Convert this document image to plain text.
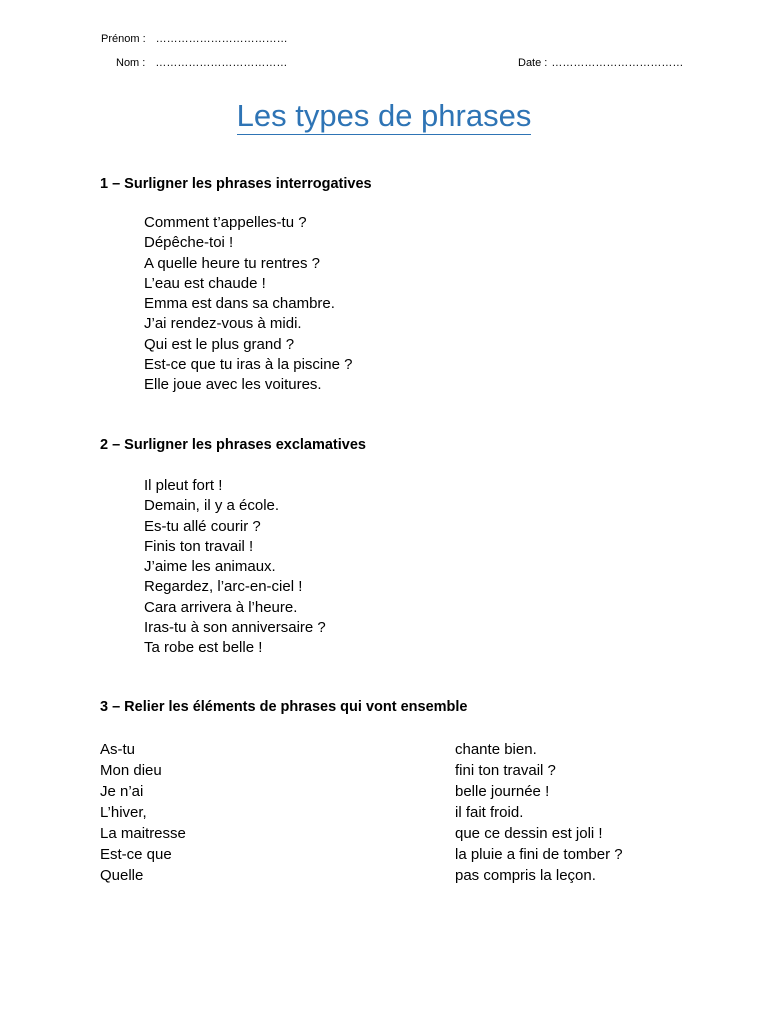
Prénom : ………………………………
Nom : ………………………………	Date : ………………………………
Les types de phrases
1 – Surligner les phrases interrogatives
Comment t’appelles-tu ?
Dépêche-toi !
A quelle heure tu rentres ?
L’eau est chaude !
Emma est dans sa chambre.
J’ai rendez-vous à midi.
Qui est le plus grand ?
Est-ce que tu iras à la piscine ?
Elle joue avec les voitures.
2 – Surligner les phrases exclamatives
Il pleut fort !
Demain, il y a école.
Es-tu allé courir ?
Finis ton travail !
J’aime les animaux.
Regardez, l’arc-en-ciel !
Cara arrivera à l’heure.
Iras-tu à son anniversaire ?
Ta robe est belle !
3 – Relier les éléments de phrases qui vont ensemble
As-tu
Mon dieu
Je n’ai
L’hiver,
La maitresse
Est-ce que
Quelle
chante bien.
fini ton travail ?
belle journée !
il fait froid.
que ce dessin est joli !
la pluie a fini de tomber ?
pas compris la leçon.
